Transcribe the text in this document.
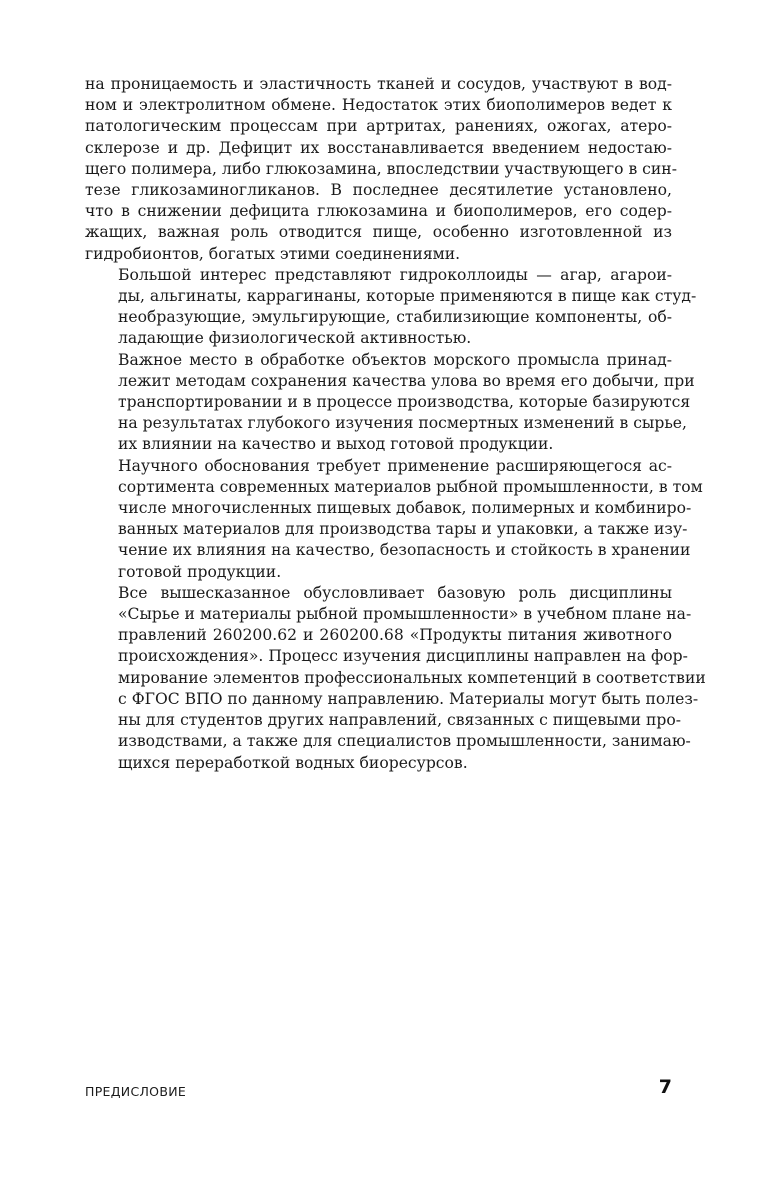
на проницаемость и эластичность тканей и сосудов, участвуют в вод-
ном и электролитном обмене. Недостаток этих биополимеров ведет к
патологическим процессам при артритах, ранениях, ожогах, атеро-
склерозе и др. Дефицит их восстанавливается введением недостаю-
щего полимера, либо глюкозамина, впоследствии участвующего в син-
тезе гликозаминогликанов. В последнее десятилетие установлено,
что в снижении дефицита глюкозамина и биополимеров, его содер-
жащих, важная роль отводится пище, особенно изготовленной из
гидробионтов, богатых этими соединениями.

Большой интерес представляют гидроколлоиды — агар, агарои-
ды, альгинаты, каррагинаны, которые применяются в пище как студ-
необразующие, эмульгирующие, стабилизиющие компоненты, об-
ладающие физиологической активностью.

Важное место в обработке объектов морского промысла принад-
лежит методам сохранения качества улова во время его добычи, при
транспортировании и в процессе производства, которые базируются
на результатах глубокого изучения посмертных изменений в сырье,
их влиянии на качество и выход готовой продукции.

Научного обоснования требует применение расширяющегося ас-
сортимента современных материалов рыбной промышленности, в том
числе многочисленных пищевых добавок, полимерных и комбиниро-
ванных материалов для производства тары и упаковки, а также изу-
чение их влияния на качество, безопасность и стойкость в хранении
готовой продукции.

Все вышесказанное обусловливает базовую роль дисциплины
«Сырье и материалы рыбной промышленности» в учебном плане на-
правлений 260200.62 и 260200.68 «Продукты питания животного
происхождения». Процесс изучения дисциплины направлен на фор-
мирование элементов профессиональных компетенций в соответствии
с ФГОС ВПО по данному направлению. Материалы могут быть полез-
ны для студентов других направлений, связанных с пищевыми про-
изводствами, а также для специалистов промышленности, занимаю-
щихся переработкой водных биоресурсов.

ПРЕДИСЛОВИЕ	7
